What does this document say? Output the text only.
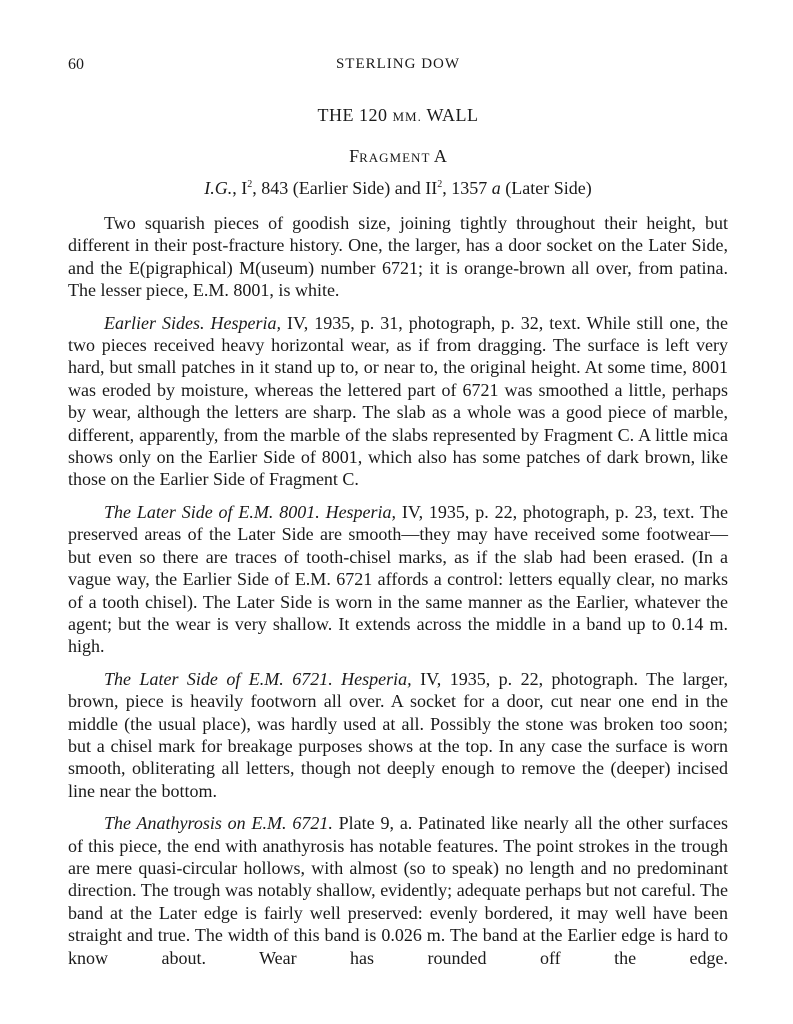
60	STERLING DOW
THE 120 MM. WALL
FRAGMENT A
I.G., $I^2$, 843 (Earlier Side) and $II^2$, 1357 a (Later Side)

Two squarish pieces of goodish size, joining tightly throughout their height, but different in their post-fracture history. One, the larger, has a door socket on the Later Side, and the E(pigraphical) M(useum) number 6721; it is orange-brown all over, from patina. The lesser piece, E.M. 8001, is white.

Earlier Sides. Hesperia, IV, 1935, p. 31, photograph, p. 32, text. While still one, the two pieces received heavy horizontal wear, as if from dragging. The surface is left very hard, but small patches in it stand up to, or near to, the original height. At some time, 8001 was eroded by moisture, whereas the lettered part of 6721 was smoothed a little, perhaps by wear, although the letters are sharp. The slab as a whole was a good piece of marble, different, apparently, from the marble of the slabs represented by Fragment C. A little mica shows only on the Earlier Side of 8001, which also has some patches of dark brown, like those on the Earlier Side of Fragment C.

The Later Side of E.M. 8001. Hesperia, IV, 1935, p. 22, photograph, p. 23, text. The preserved areas of the Later Side are smooth—they may have received some footwear—but even so there are traces of tooth-chisel marks, as if the slab had been erased. (In a vague way, the Earlier Side of E.M. 6721 affords a control: letters equally clear, no marks of a tooth chisel). The Later Side is worn in the same manner as the Earlier, whatever the agent; but the wear is very shallow. It extends across the middle in a band up to 0.14 m. high.

The Later Side of E.M. 6721. Hesperia, IV, 1935, p. 22, photograph. The larger, brown, piece is heavily footworn all over. A socket for a door, cut near one end in the middle (the usual place), was hardly used at all. Possibly the stone was broken too soon; but a chisel mark for breakage purposes shows at the top. In any case the surface is worn smooth, obliterating all letters, though not deeply enough to remove the (deeper) incised line near the bottom.

The Anathyrosis on E.M. 6721. Plate 9, a. Patinated like nearly all the other surfaces of this piece, the end with anathyrosis has notable features. The point strokes in the trough are mere quasi-circular hollows, with almost (so to speak) no length and no predominant direction. The trough was notably shallow, evidently; adequate perhaps but not careful. The band at the Later edge is fairly well preserved: evenly bordered, it may well have been straight and true. The width of this band is 0.026 m. The band at the Earlier edge is hard to know about. Wear has rounded off the edge.
